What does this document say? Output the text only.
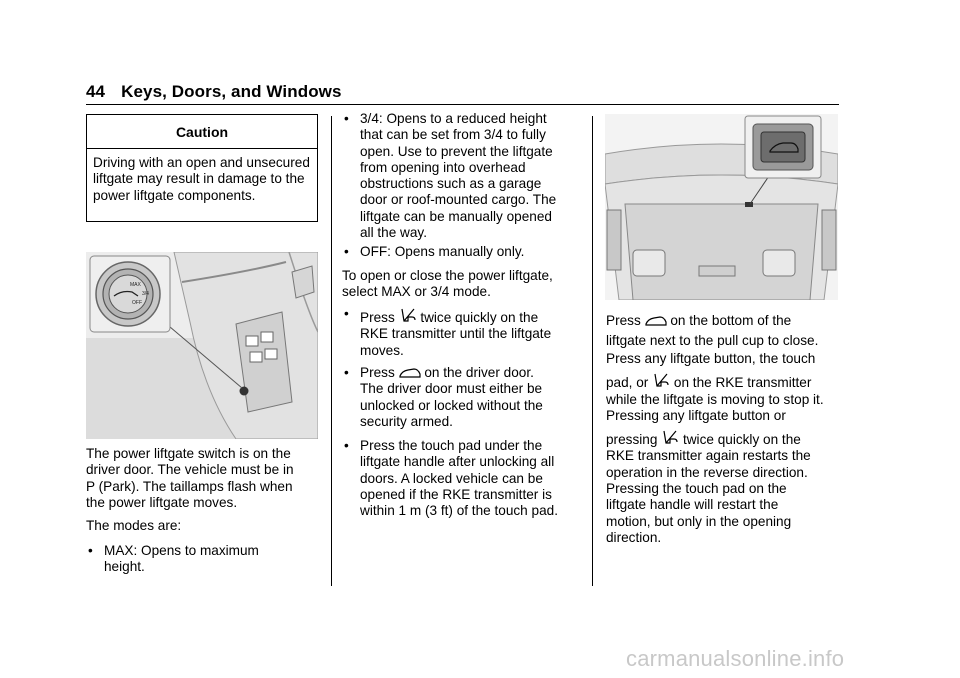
44 Keys, Doors, and Windows
Caution
Driving with an open and unsecured liftgate may result in damage to the power liftgate components.
MAX
3/4
OFF
The power liftgate switch is on the
driver door. The vehicle must be in
P (Park). The taillamps flash when
the power liftgate moves.
The modes are:
• MAX: Opens to maximum
height.
• 3/4: Opens to a reduced height
that can be set from 3/4 to fully
open. Use to prevent the liftgate
from opening into overhead
obstructions such as a garage
door or roof-mounted cargo. The
liftgate can be manually opened
all the way.
• OFF: Opens manually only.
To open or close the power liftgate,
select MAX or 3/4 mode.
• Press twice quickly on the
RKE transmitter until the liftgate
moves.
• Press on the driver door.
The driver door must either be
unlocked or locked without the
security armed.
• Press the touch pad under the
liftgate handle after unlocking all
doors. A locked vehicle can be
opened if the RKE transmitter is
within 1 m (3 ft) of the touch pad.
Press on the bottom of the
liftgate next to the pull cup to close.
Press any liftgate button, the touch
pad, or on the RKE transmitter
while the liftgate is moving to stop it.
Pressing any liftgate button or
pressing twice quickly on the
RKE transmitter again restarts the
operation in the reverse direction.
Pressing the touch pad on the
liftgate handle will restart the
motion, but only in the opening
direction.
carmanualsonline.info
